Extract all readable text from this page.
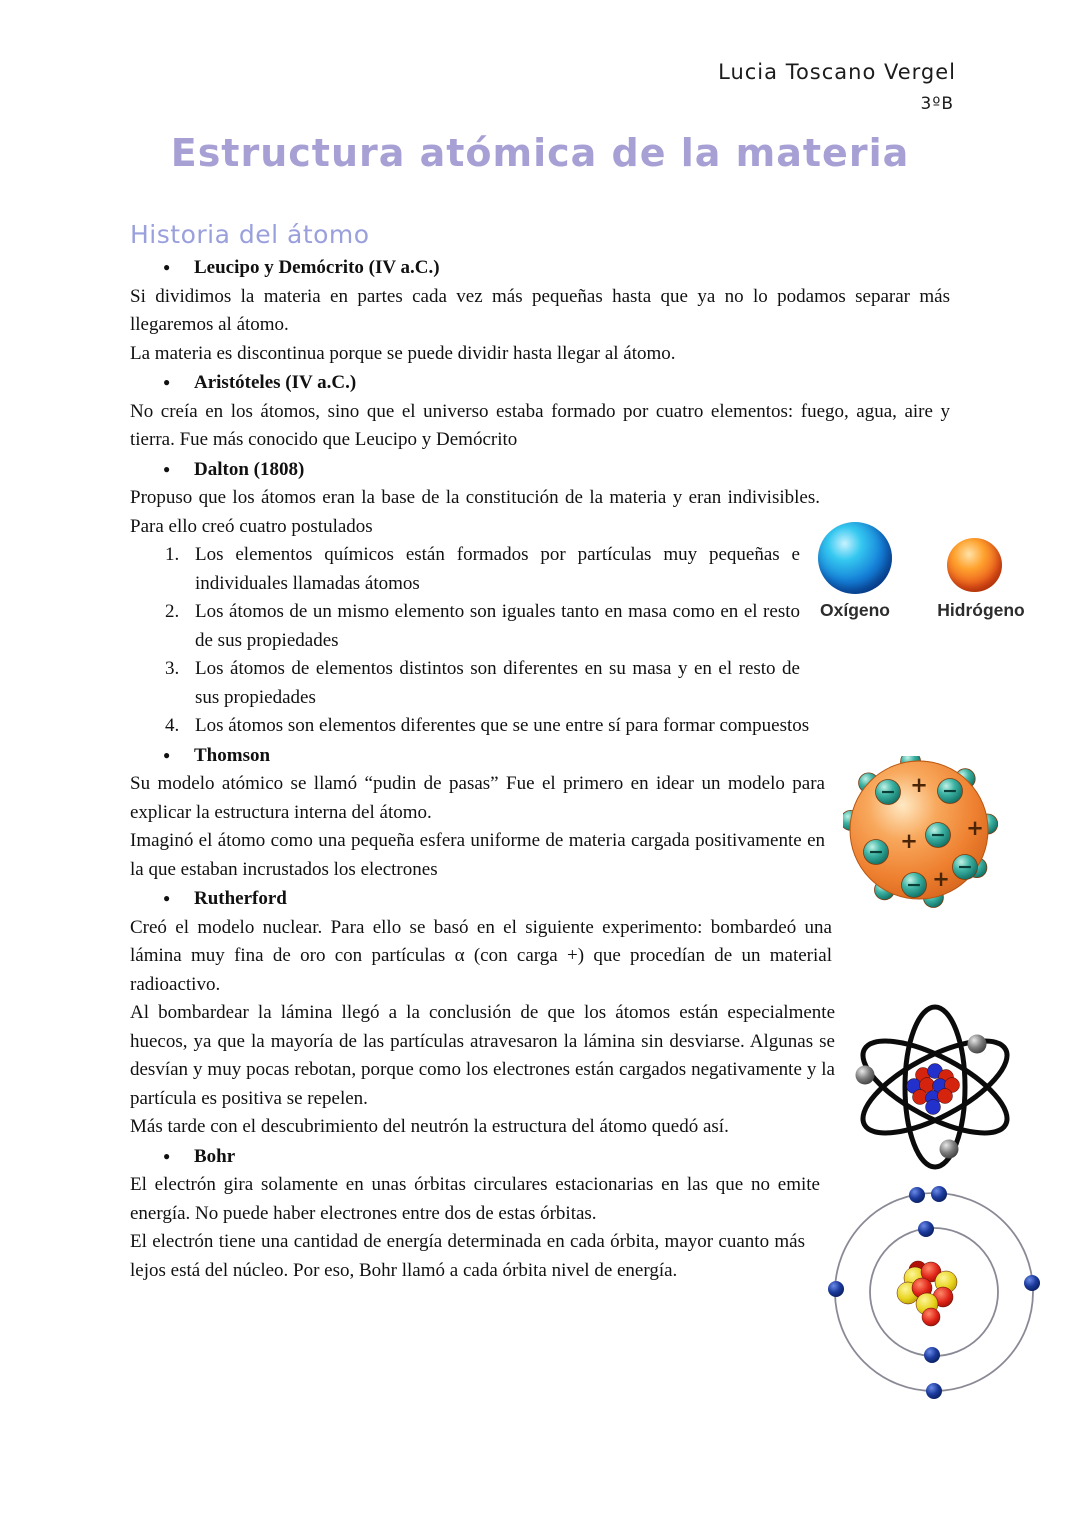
Lucia Toscano Vergel
3ºB
Estructura atómica de la materia
Historia del átomo

● Leucipo y Demócrito (IV a.C.)

Si dividimos la materia en partes cada vez más pequeñas hasta que ya no lo podamos separar más llegaremos al átomo.

La materia es discontinua porque se puede dividir hasta llegar al átomo.

● Aristóteles (IV a.C.)

No creía en los átomos, sino que el universo estaba formado por cuatro elementos: fuego, agua, aire y tierra. Fue más conocido que Leucipo y Demócrito

● Dalton (1808)

Propuso que los átomos eran la base de la constitución de la materia y eran indivisibles. Para ello creó cuatro postulados

1. Los elementos químicos están formados por partículas muy pequeñas e individuales llamadas átomos
2. Los átomos de un mismo elemento son iguales tanto en masa como en el resto de sus propiedades
3. Los átomos de elementos distintos son diferentes en su masa y en el resto de sus propiedades
4. Los átomos son elementos diferentes que se une entre sí para formar compuestos

● Thomson

Su modelo atómico se llamó “pudin de pasas” Fue el primero en idear un modelo para explicar la estructura interna del átomo.

Imaginó el átomo como una pequeña esfera uniforme de materia cargada positivamente en la que estaban incrustados los electrones

● Rutherford

Creó el modelo nuclear. Para ello se basó en el siguiente experimento: bombardeó una lámina muy fina de oro con partículas α (con carga +) que procedían de un material radioactivo.

Al bombardear la lámina llegó a la conclusión de que los átomos están especialmente huecos, ya que la mayoría de las partículas atravesaron la lámina sin desviarse. Algunas se desvían y muy pocas rebotan, porque como los electrones están cargados negativamente y la partícula es positiva se repelen.

Más tarde con el descubrimiento del neutrón la estructura del átomo quedó así.

● Bohr

El electrón gira solamente en unas órbitas circulares estacionarias en las que no emite energía. No puede haber electrones entre dos de estas órbitas.

El electrón tiene una cantidad de energía determinada en cada órbita, mayor cuanto más lejos está del núcleo. Por eso, Bohr llamó a cada órbita nivel de energía.

Oxígeno	Hidrógeno
− −
−
−
−
−
+
+
+
+
